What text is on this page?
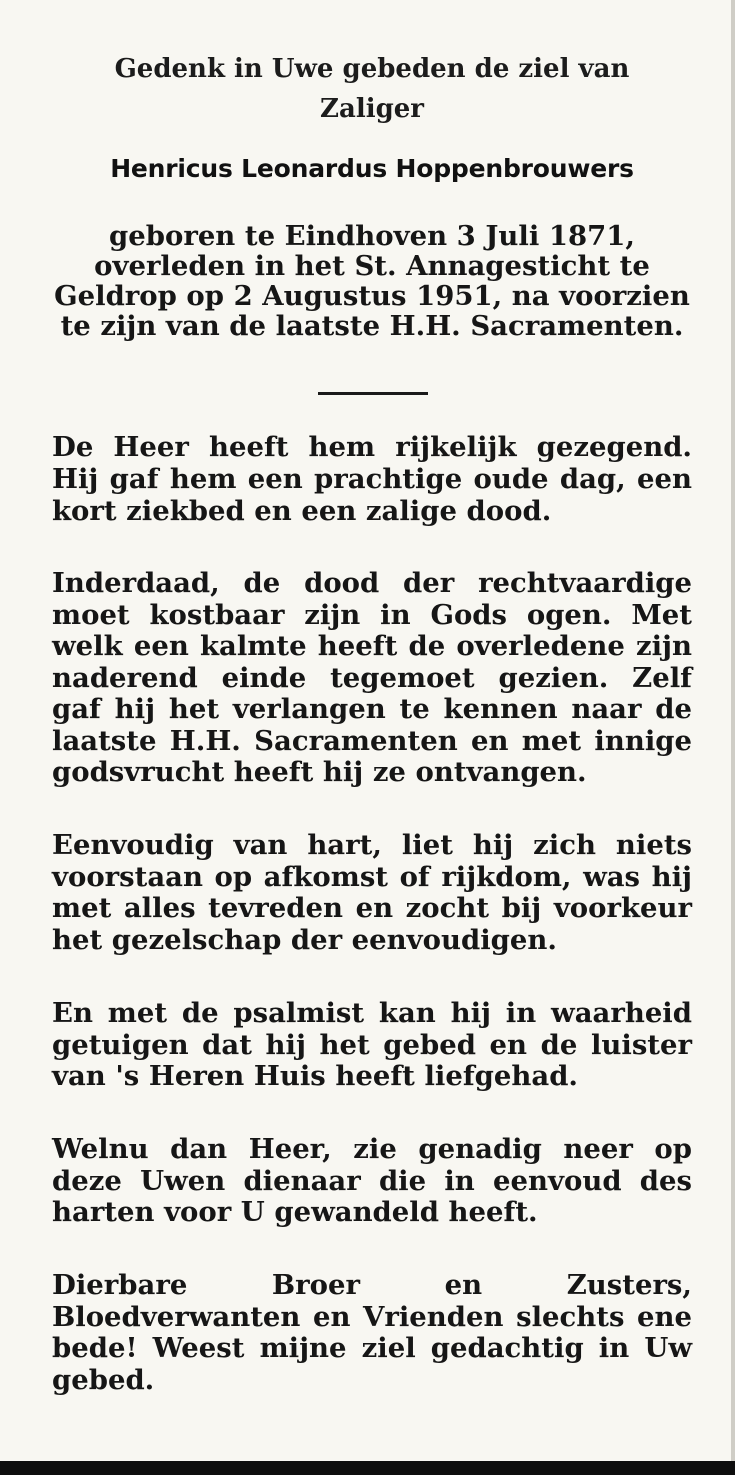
Gedenk in Uwe gebeden de ziel van

Zaliger

Henricus Leonardus Hoppenbrouwers

geboren te Eindhoven 3 Juli 1871, overleden in het St. Annagesticht te Geldrop op 2 Augustus 1951, na voorzien te zijn van de laatste H.H. Sacramenten.

De Heer heeft hem rijkelijk gezegend. Hij gaf hem een prachtige oude dag, een kort ziekbed en een zalige dood.

Inderdaad, de dood der rechtvaardige moet kostbaar zijn in Gods ogen. Met welk een kalmte heeft de overledene zijn naderend einde tegemoet gezien. Zelf gaf hij het verlangen te kennen naar de laatste H.H. Sacramenten en met innige godsvrucht heeft hij ze ontvangen.

Eenvoudig van hart, liet hij zich niets voorstaan op afkomst of rijkdom, was hij met alles tevreden en zocht bij voorkeur het gezelschap der eenvoudigen.

En met de psalmist kan hij in waarheid getuigen dat hij het gebed en de luister van 's Heren Huis heeft liefgehad.

Welnu dan Heer, zie genadig neer op deze Uwen dienaar die in eenvoud des harten voor U gewandeld heeft.

Dierbare Broer en Zusters, Bloedverwanten en Vrienden slechts ene bede! Weest mijne ziel gedachtig in Uw gebed.
